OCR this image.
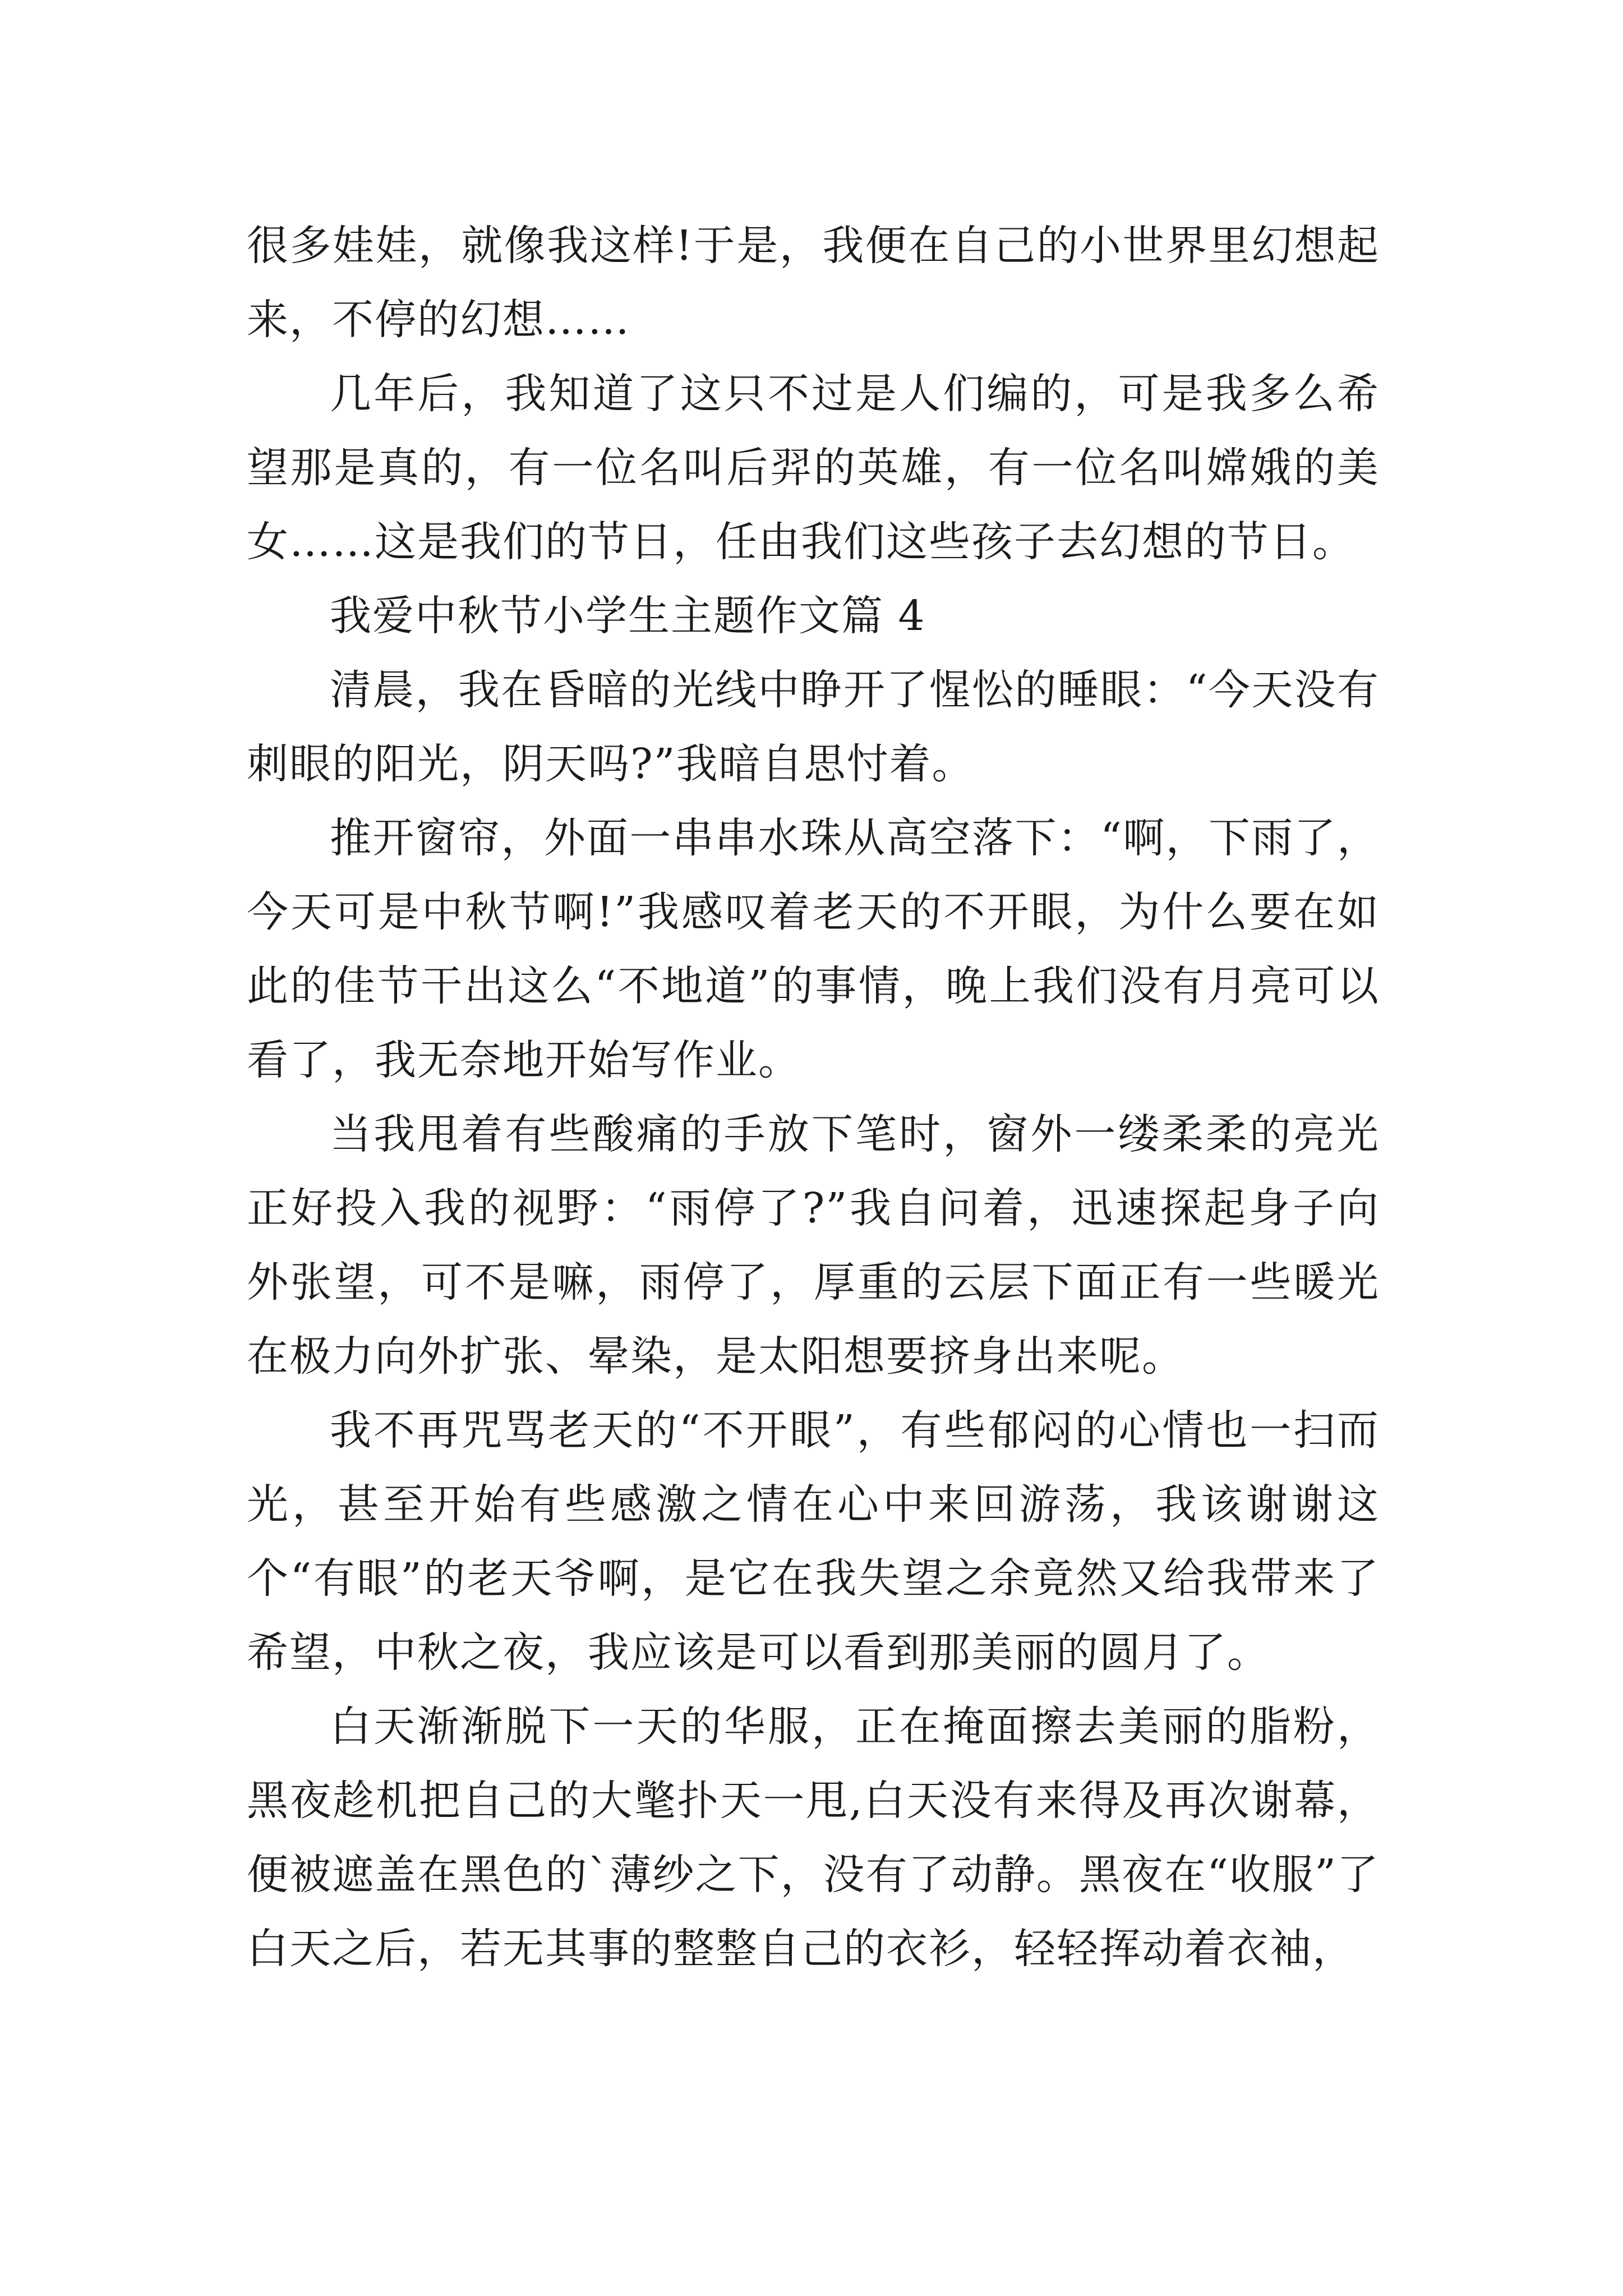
很多娃娃，就像我这样!于是，我便在自己的小世界里幻想起来，不停的幻想……

几年后，我知道了这只不过是人们编的，可是我多么希望那是真的，有一位名叫后羿的英雄，有一位名叫嫦娥的美女……这是我们的节日，任由我们这些孩子去幻想的节日。

我爱中秋节小学生主题作文篇 4

清晨，我在昏暗的光线中睁开了惺忪的睡眼：“今天没有刺眼的阳光，阴天吗?”我暗自思忖着。

推开窗帘，外面一串串水珠从高空落下：“啊，下雨了，今天可是中秋节啊!”我感叹着老天的不开眼，为什么要在如此的佳节干出这么“不地道”的事情，晚上我们没有月亮可以看了，我无奈地开始写作业。

当我甩着有些酸痛的手放下笔时，窗外一缕柔柔的亮光正好投入我的视野：“雨停了?”我自问着，迅速探起身子向外张望，可不是嘛，雨停了，厚重的云层下面正有一些暖光在极力向外扩张、晕染，是太阳想要挤身出来呢。

我不再咒骂老天的“不开眼”，有些郁闷的心情也一扫而光，甚至开始有些感激之情在心中来回游荡，我该谢谢这个“有眼”的老天爷啊，是它在我失望之余竟然又给我带来了希望，中秋之夜，我应该是可以看到那美丽的圆月了。

白天渐渐脱下一天的华服，正在掩面擦去美丽的脂粉，黑夜趁机把自己的大氅扑天一甩,白天没有来得及再次谢幕，便被遮盖在黑色的`薄纱之下，没有了动静。黑夜在“收服”了白天之后，若无其事的整整自己的衣衫，轻轻挥动着衣袖，
